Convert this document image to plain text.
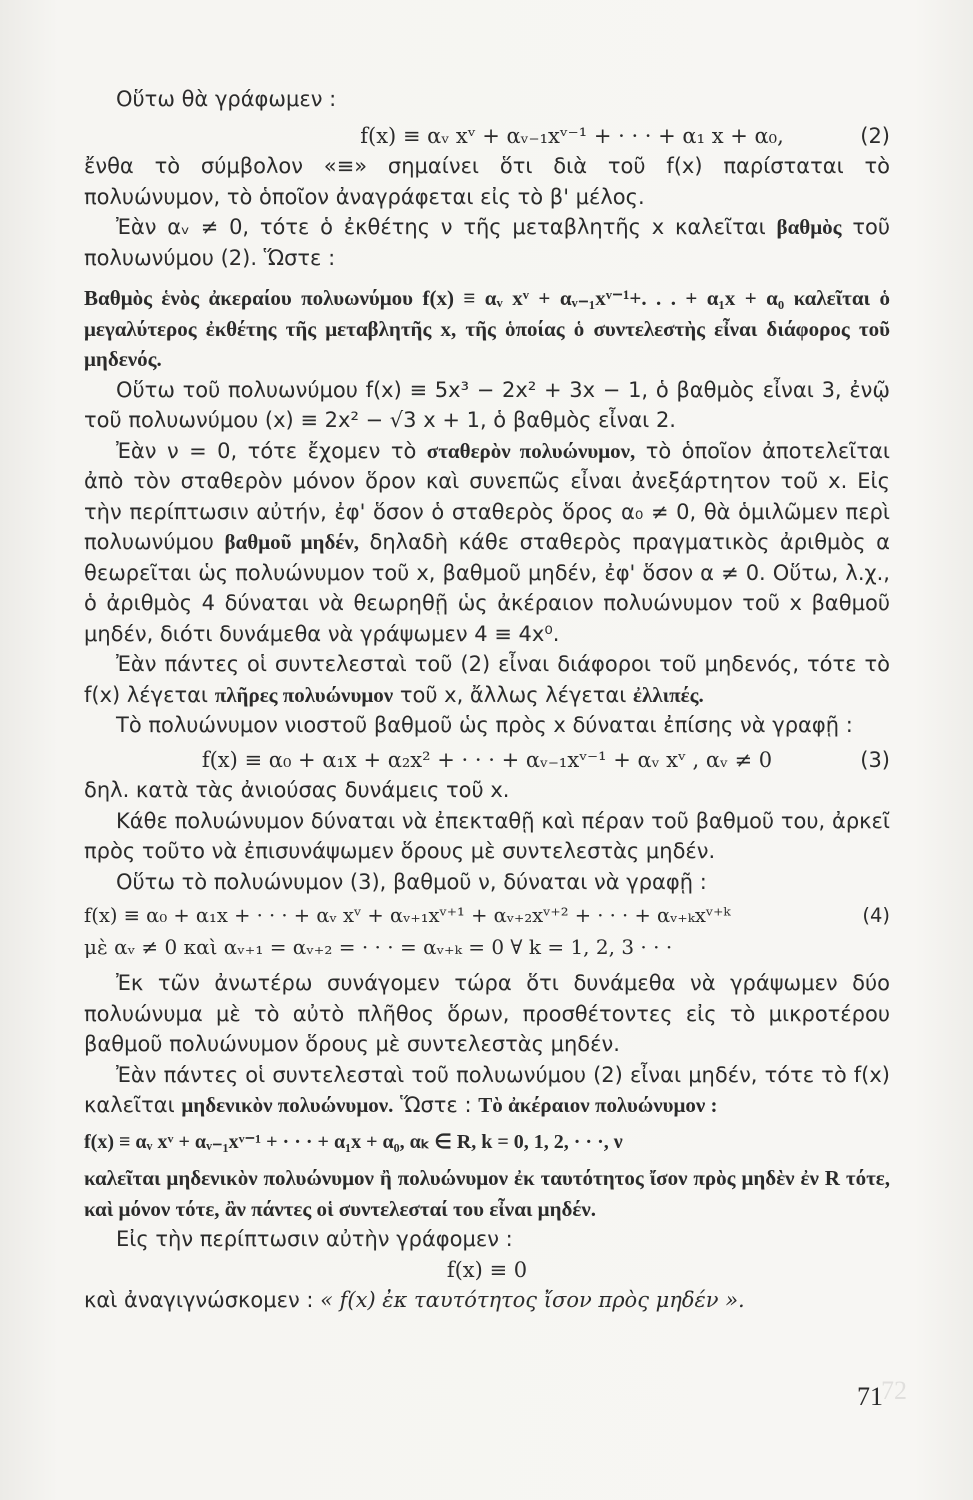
Οὕτω θὰ γράφωμεν :

f(x) ≡ αᵥ xᵛ + αᵥ₋₁xᵛ⁻¹ + · · · + α₁ x + α₀,	(2)

ἔνθα τὸ σύμβολον «≡» σημαίνει ὅτι διὰ τοῦ f(x) παρίσταται τὸ πολυώνυμον, τὸ ὁποῖον ἀναγράφεται εἰς τὸ β' μέλος.

Ἐὰν αᵥ ≠ 0, τότε ὁ ἐκθέτης ν τῆς μεταβλητῆς x καλεῖται βαθμὸς τοῦ πολυωνύμου (2). Ὥστε :

Βαθμὸς ἑνὸς ἀκεραίου πολυωνύμου f(x) ≡ αᵥ xᵛ + αᵥ₋₁xᵛ⁻¹+. . . + α₁x + α₀ καλεῖται ὁ μεγαλύτερος ἐκθέτης τῆς μεταβλητῆς x, τῆς ὁποίας ὁ συντελεστὴς εἶναι διάφορος τοῦ μηδενός.

Οὕτω τοῦ πολυωνύμου f(x) ≡ 5x³ − 2x² + 3x − 1, ὁ βαθμὸς εἶναι 3, ἐνῷ τοῦ πολυωνύμου (x) ≡ 2x² − √3 x + 1, ὁ βαθμὸς εἶναι 2.

Ἐὰν ν = 0, τότε ἔχομεν τὸ σταθερὸν πολυώνυμον, τὸ ὁποῖον ἀποτελεῖται ἀπὸ τὸν σταθερὸν μόνον ὅρον καὶ συνεπῶς εἶναι ἀνεξάρτητον τοῦ x. Εἰς τὴν περίπτωσιν αὐτήν, ἐφ' ὅσον ὁ σταθερὸς ὅρος α₀ ≠ 0, θὰ ὁμιλῶμεν περὶ πολυωνύμου βαθμοῦ μηδέν, δηλαδὴ κάθε σταθερὸς πραγματικὸς ἀριθμὸς α θεωρεῖται ὡς πολυώνυμον τοῦ x, βαθμοῦ μηδέν, ἐφ' ὅσον α ≠ 0. Οὕτω, λ.χ., ὁ ἀριθμὸς 4 δύναται νὰ θεωρηθῇ ὡς ἀκέραιον πολυώνυμον τοῦ x βαθμοῦ μηδέν, διότι δυνάμεθα νὰ γράψωμεν 4 ≡ 4x⁰.

Ἐὰν πάντες οἱ συντελεσταὶ τοῦ (2) εἶναι διάφοροι τοῦ μηδενός, τότε τὸ f(x) λέγεται πλῆρες πολυώνυμον τοῦ x, ἄλλως λέγεται ἐλλιπές.

Τὸ πολυώνυμον νιοστοῦ βαθμοῦ ὡς πρὸς x δύναται ἐπίσης νὰ γραφῇ :

f(x) ≡ α₀ + α₁x + α₂x² + · · · + αᵥ₋₁xᵛ⁻¹ + αᵥ xᵛ , αᵥ ≠ 0	(3)

δηλ. κατὰ τὰς ἀνιούσας δυνάμεις τοῦ x.

Κάθε πολυώνυμον δύναται νὰ ἐπεκταθῇ καὶ πέραν τοῦ βαθμοῦ του, ἀρκεῖ πρὸς τοῦτο νὰ ἐπισυνάψωμεν ὅρους μὲ συντελεστὰς μηδέν.

Οὕτω τὸ πολυώνυμον (3), βαθμοῦ ν, δύναται νὰ γραφῇ :

f(x) ≡ α₀ + α₁x + · · · + αᵥ xᵛ + αᵥ₊₁xᵛ⁺¹ + αᵥ₊₂xᵛ⁺² + · · · + αᵥ₊ₖxᵛ⁺ᵏ	(4)

μὲ αᵥ ≠ 0 καὶ αᵥ₊₁ = αᵥ₊₂ = · · · = αᵥ₊ₖ = 0 ∀ k = 1, 2, 3 · · ·

Ἐκ τῶν ἀνωτέρω συνάγομεν τώρα ὅτι δυνάμεθα νὰ γράψωμεν δύο πολυώνυμα μὲ τὸ αὐτὸ πλῆθος ὅρων, προσθέτοντες εἰς τὸ μικροτέρου βαθμοῦ πολυώνυμον ὅρους μὲ συντελεστὰς μηδέν.

Ἐὰν πάντες οἱ συντελεσταὶ τοῦ πολυωνύμου (2) εἶναι μηδέν, τότε τὸ f(x) καλεῖται μηδενικὸν πολυώνυμον. Ὥστε : Τὸ ἀκέραιον πολυώνυμον :

f(x) ≡ αᵥ xᵛ + αᵥ₋₁xᵛ⁻¹ + · · · + α₁x + α₀, αₖ ∈ R, k = 0, 1, 2, · · ·, ν

καλεῖται μηδενικὸν πολυώνυμον ἢ πολυώνυμον ἐκ ταυτότητος ἴσον πρὸς μηδὲν ἐν R τότε, καὶ μόνον τότε, ἂν πάντες οἱ συντελεσταί του εἶναι μηδέν.

Εἰς τὴν περίπτωσιν αὐτὴν γράφομεν :

f(x) ≡ 0

καὶ ἀναγιγνώσκομεν : « f(x) ἐκ ταυτότητος ἴσον πρὸς μηδέν ».

72
71
